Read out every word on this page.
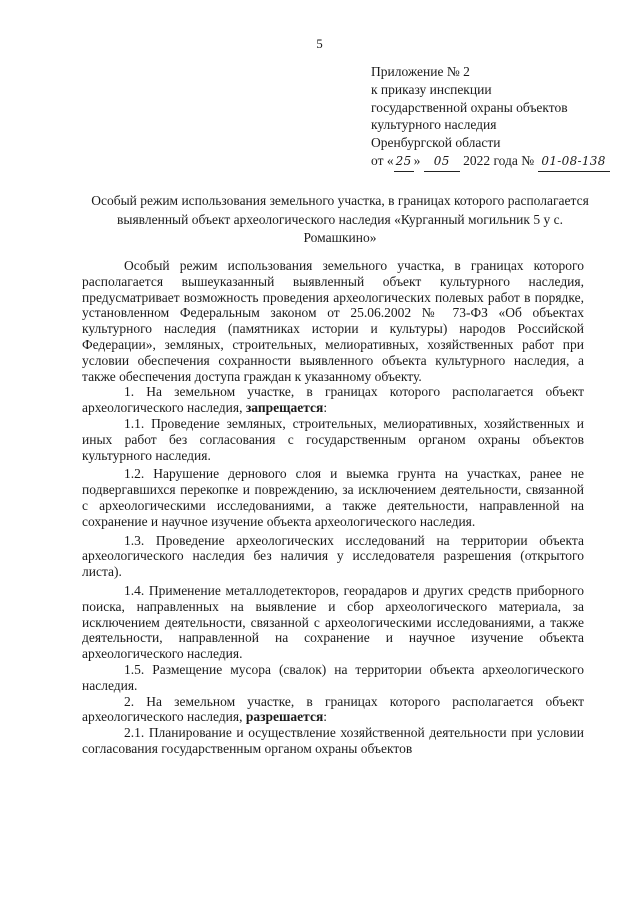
5
Приложение № 2
к приказу инспекции
государственной охраны объектов
культурного наследия
Оренбургской области
от « 25 » 05 2022 года № 01-08-138
Особый режим использования земельного участка, в границах которого располагается выявленный объект археологического наследия «Курганный могильник 5 у с. Ромашкино»

Особый режим использования земельного участка, в границах которого располагается вышеуказанный выявленный объект культурного наследия, предусматривает возможность проведения археологических полевых работ в порядке, установленном Федеральным законом от 25.06.2002 № 73-ФЗ «Об объектах культурного наследия (памятниках истории и культуры) народов Российской Федерации», земляных, строительных, мелиоративных, хозяйственных работ при условии обеспечения сохранности выявленного объекта культурного наследия, а также обеспечения доступа граждан к указанному объекту.

1. На земельном участке, в границах которого располагается объект археологического наследия, запрещается:

1.1. Проведение земляных, строительных, мелиоративных, хозяйственных и иных работ без согласования с государственным органом охраны объектов культурного наследия.

1.2. Нарушение дернового слоя и выемка грунта на участках, ранее не подвергавшихся перекопке и повреждению, за исключением деятельности, связанной с археологическими исследованиями, а также деятельности, направленной на сохранение и научное изучение объекта археологического наследия.

1.3. Проведение археологических исследований на территории объекта археологического наследия без наличия у исследователя разрешения (открытого листа).

1.4. Применение металлодетекторов, георадаров и других средств приборного поиска, направленных на выявление и сбор археологического материала, за исключением деятельности, связанной с археологическими исследованиями, а также деятельности, направленной на сохранение и научное изучение объекта археологического наследия.

1.5. Размещение мусора (свалок) на территории объекта археологического наследия.

2. На земельном участке, в границах которого располагается объект археологического наследия, разрешается:

2.1. Планирование и осуществление хозяйственной деятельности при условии согласования государственным органом охраны объектов
